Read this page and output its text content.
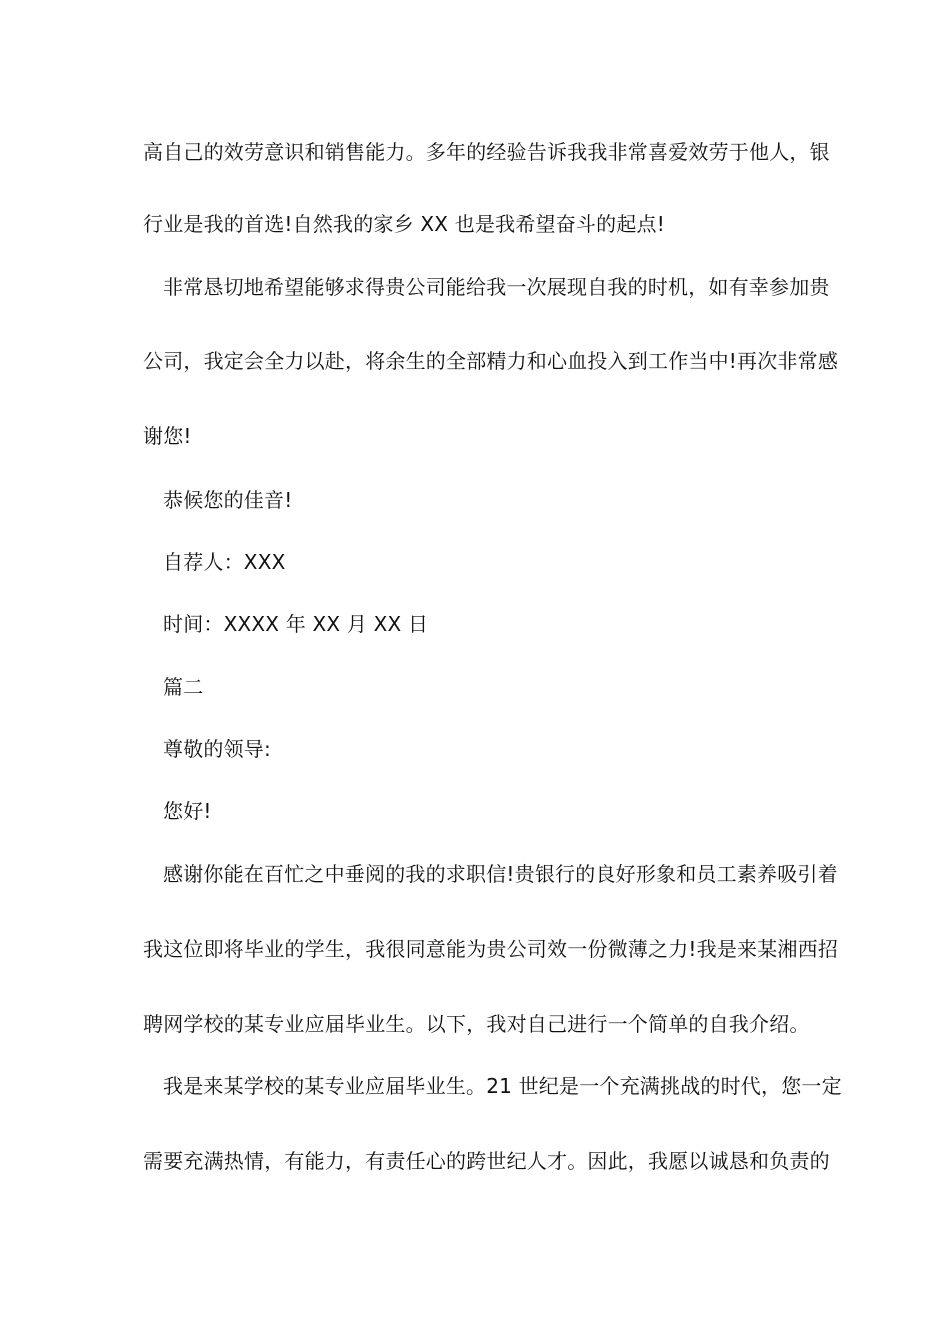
高自己的效劳意识和销售能力。多年的经验告诉我我非常喜爱效劳于他人，银
行业是我的首选!自然我的家乡 XX 也是我希望奋斗的起点!
非常恳切地希望能够求得贵公司能给我一次展现自我的时机，如有幸参加贵
公司，我定会全力以赴，将余生的全部精力和心血投入到工作当中!再次非常感
谢您!
恭候您的佳音!
自荐人：XXX
时间：XXXX 年 XX 月 XX 日
篇二
尊敬的领导:
您好!
感谢你能在百忙之中垂阅的我的求职信!贵银行的良好形象和员工素养吸引着
我这位即将毕业的学生，我很同意能为贵公司效一份微薄之力!我是来某湘西招
聘网学校的某专业应届毕业生。以下，我对自己进行一个简单的自我介绍。
我是来某学校的某专业应届毕业生。21 世纪是一个充满挑战的时代，您一定
需要充满热情，有能力，有责任心的跨世纪人才。因此，我愿以诚恳和负责的
